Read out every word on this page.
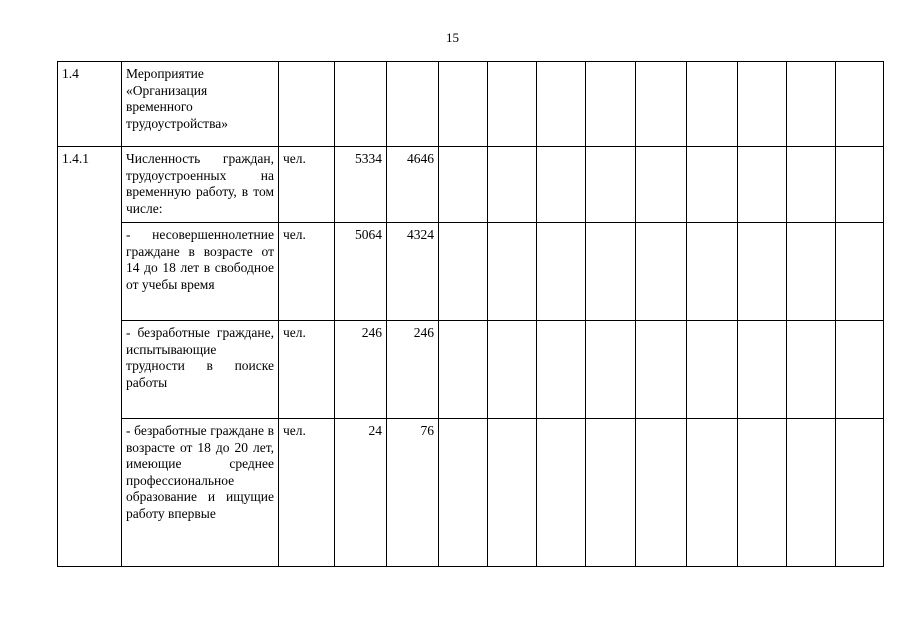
15
1.4	Мероприятие «Организация временного трудоустройства»												
1.4.1	Численность граждан, трудоустроенных на временную работу, в том числе:	чел.	5334	4646									
	- несовершеннолетние граждане в возрасте от 14 до 18 лет в свободное от учебы время	чел.	5064	4324									
	- безработные граждане, испытывающие трудности в поиске работы	чел.	246	246									
	- безработные граждане в возрасте от 18 до 20 лет, имеющие среднее профессиональное образование и ищущие работу впервые	чел.	24	76									
